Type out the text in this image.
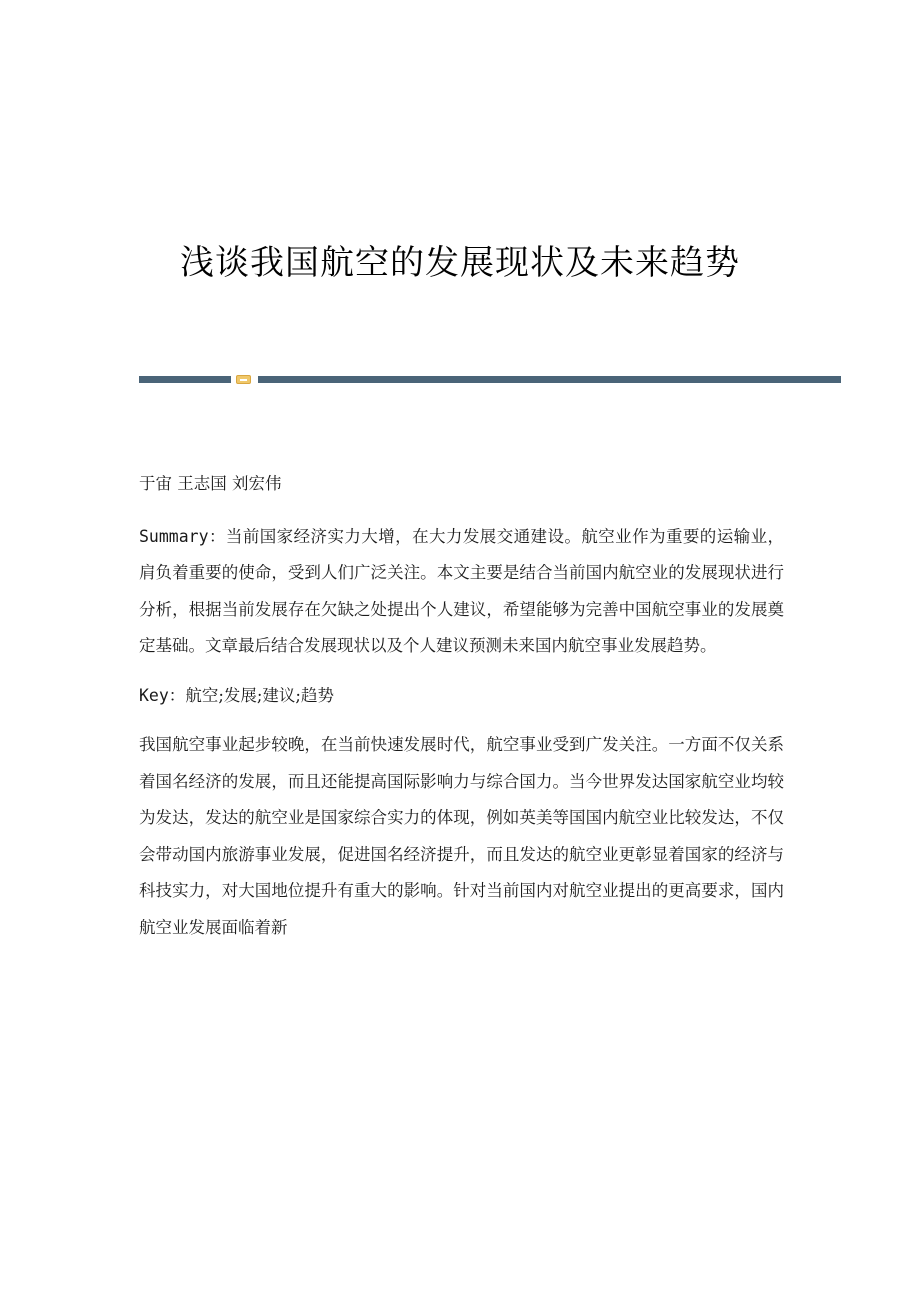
浅谈我国航空的发展现状及未来趋势

于宙 王志国 刘宏伟

Summary：当前国家经济实力大增，在大力发展交通建设。航空业作为重要的运输业，肩负着重要的使命，受到人们广泛关注。本文主要是结合当前国内航空业的发展现状进行分析，根据当前发展存在欠缺之处提出个人建议，希望能够为完善中国航空事业的发展奠定基础。文章最后结合发展现状以及个人建议预测未来国内航空事业发展趋势。

Key：航空;发展;建议;趋势

我国航空事业起步较晚，在当前快速发展时代，航空事业受到广发关注。一方面不仅关系着国名经济的发展，而且还能提高国际影响力与综合国力。当今世界发达国家航空业均较为发达，发达的航空业是国家综合实力的体现，例如英美等国国内航空业比较发达，不仅会带动国内旅游事业发展，促进国名经济提升，而且发达的航空业更彰显着国家的经济与科技实力，对大国地位提升有重大的影响。针对当前国内对航空业提出的更高要求，国内航空业发展面临着新
